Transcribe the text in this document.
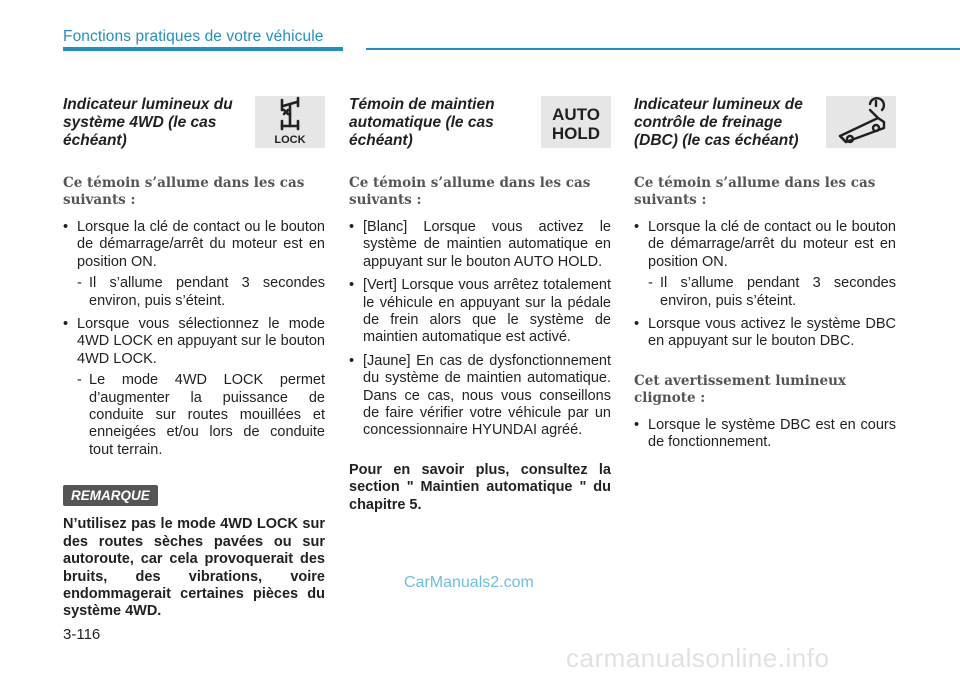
Fonctions pratiques de votre véhicule
Indicateur lumineux du système 4WD (le cas échéant)	LOCK
Ce témoin s’allume dans les cas suivants :
• Lorsque la clé de contact ou le bouton de démarrage/arrêt du moteur est en position ON.
- Il s’allume pendant 3 secondes environ, puis s’éteint.
• Lorsque vous sélectionnez le mode 4WD LOCK en appuyant sur le bouton 4WD LOCK.
- Le mode 4WD LOCK permet d’augmenter la puissance de conduite sur routes mouillées et enneigées et/ou lors de conduite tout terrain.
REMARQUE
N’utilisez pas le mode 4WD LOCK sur des routes sèches pavées ou sur autoroute, car cela provoquerait des bruits, des vibrations, voire endommagerait certaines pièces du système 4WD.
Témoin de maintien automatique (le cas échéant)
AUTO
HOLD
Ce témoin s’allume dans les cas suivants :
• [Blanc] Lorsque vous activez le système de maintien automatique en appuyant sur le bouton AUTO HOLD.
• [Vert] Lorsque vous arrêtez totalement le véhicule en appuyant sur la pédale de frein alors que le système de maintien automatique est activé.
• [Jaune] En cas de dysfonctionnement du système de maintien automatique. Dans ce cas, nous vous conseillons de faire vérifier votre véhicule par un concessionnaire HYUNDAI agréé.
Pour en savoir plus, consultez la section " Maintien automatique " du chapitre 5.
Indicateur lumineux de contrôle de freinage (DBC) (le cas échéant)
Ce témoin s’allume dans les cas suivants :
• Lorsque la clé de contact ou le bouton de démarrage/arrêt du moteur est en position ON.
- Il s’allume pendant 3 secondes environ, puis s’éteint.
• Lorsque vous activez le système DBC en appuyant sur le bouton DBC.
Cet avertissement lumineux clignote :
• Lorsque le système DBC est en cours de fonctionnement.
CarManuals2.com
3-116
carmanualsonline.info
